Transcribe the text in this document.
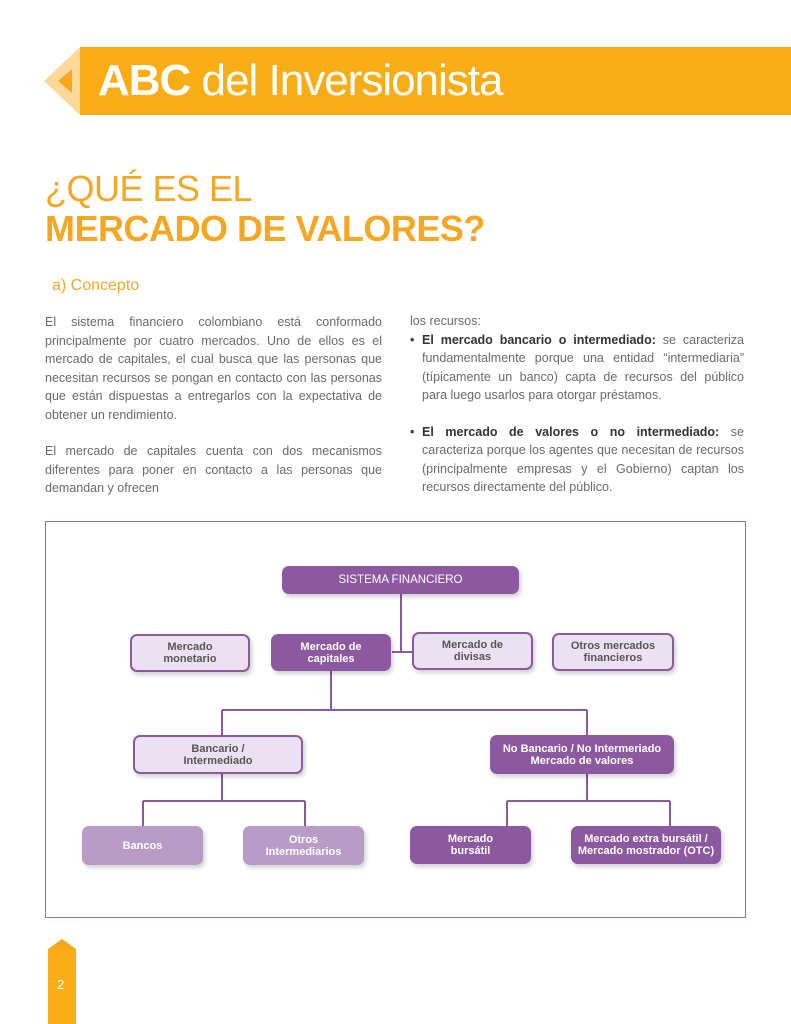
ABC del Inversionista
¿QUÉ ES EL
MERCADO DE VALORES?
a) Concepto

El sistema financiero colombiano está conformado principalmente por cuatro mercados. Uno de ellos es el mercado de capitales, el cual busca que las personas que necesitan recursos se pongan en contacto con las personas que están dispuestas a entregarlos con la expectativa de obtener un rendimiento.

El mercado de capitales cuenta con dos mecanismos diferentes para poner en contacto a las personas que demandan y ofrecen

los recursos:
• El mercado bancario o intermediado: se caracteriza fundamentalmente porque una entidad “intermediaria” (típicamente un banco) capta de recursos del público para luego usarlos para otorgar préstamos.
• El mercado de valores o no intermediado: se caracteriza porque los agentes que necesitan de recursos (principalmente empresas y el Gobierno) captan los recursos directamente del público.
SISTEMA FINANCIERO
Mercado monetario
Mercado de capitales
Mercado de divisas
Otros mercados financieros
Bancario / Intermediado
No Bancario / No Intermeriado
Mercado de valores
Bancos	Otros Intermediarios
Mercado bursátil
Mercado extra bursátil /
Mercado mostrador (OTC)
2
